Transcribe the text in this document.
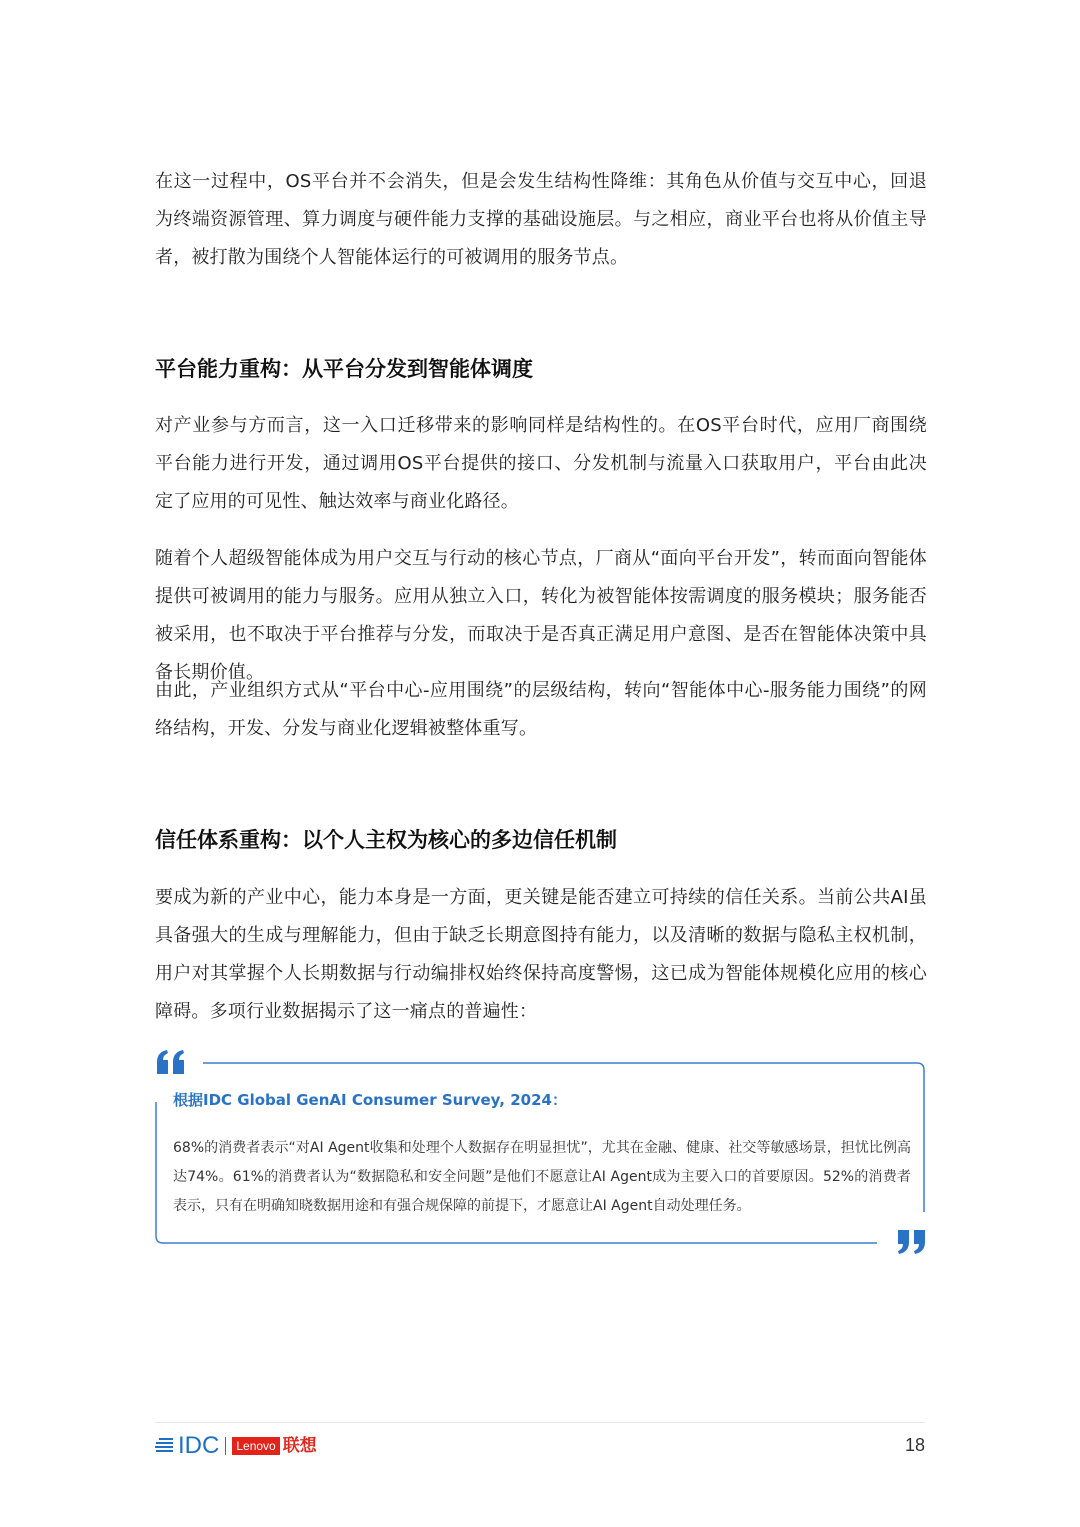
在这一过程中，OS平台并不会消失，但是会发生结构性降维：其角色从价值与交互中心，回退为终端资源管理、算力调度与硬件能力支撑的基础设施层。与之相应，商业平台也将从价值主导者，被打散为围绕个人智能体运行的可被调用的服务节点。

平台能力重构：从平台分发到智能体调度

对产业参与方而言，这一入口迁移带来的影响同样是结构性的。在OS平台时代，应用厂商围绕平台能力进行开发，通过调用OS平台提供的接口、分发机制与流量入口获取用户，平台由此决定了应用的可见性、触达效率与商业化路径。

随着个人超级智能体成为用户交互与行动的核心节点，厂商从“面向平台开发”，转而面向智能体提供可被调用的能力与服务。应用从独立入口，转化为被智能体按需调度的服务模块；服务能否被采用，也不取决于平台推荐与分发，而取决于是否真正满足用户意图、是否在智能体决策中具备长期价值。

由此，产业组织方式从“平台中心-应用围绕”的层级结构，转向“智能体中心-服务能力围绕”的网络结构，开发、分发与商业化逻辑被整体重写。

信任体系重构：以个人主权为核心的多边信任机制

要成为新的产业中心，能力本身是一方面，更关键是能否建立可持续的信任关系。当前公共AI虽具备强大的生成与理解能力，但由于缺乏长期意图持有能力，以及清晰的数据与隐私主权机制，用户对其掌握个人长期数据与行动编排权始终保持高度警惕，这已成为智能体规模化应用的核心障碍。多项行业数据揭示了这一痛点的普遍性：

根据IDC Global GenAI Consumer Survey, 2024：

68%的消费者表示“对AI Agent收集和处理个人数据存在明显担忧”，尤其在金融、健康、社交等敏感场景，担忧比例高达74%。61%的消费者认为“数据隐私和安全问题”是他们不愿意让AI Agent成为主要入口的首要原因。52%的消费者表示，只有在明确知晓数据用途和有强合规保障的前提下，才愿意让AI Agent自动处理任务。

IDC	Lenovo 联想	18
